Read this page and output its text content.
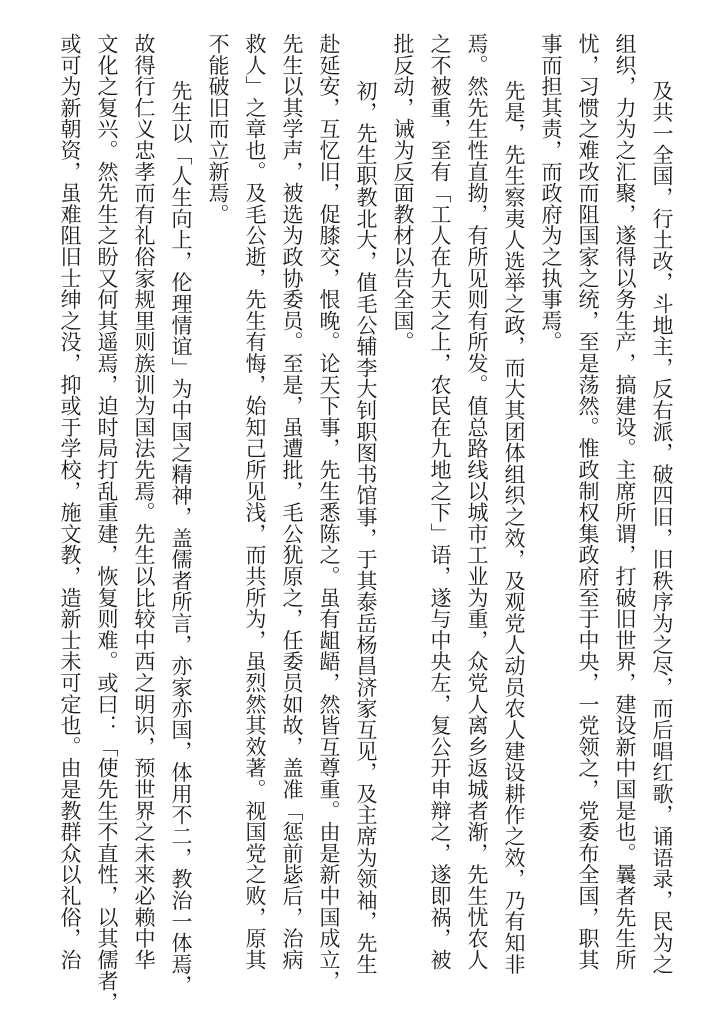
及共一全国，行土改，斗地主，反右派，破四旧，旧秩序为之尽，而后唱红歌，诵语录，民为之
组织，力为之汇聚，遂得以务生产，搞建设。主席所谓，打破旧世界，建设新中国是也。曩者先生所
忧，习惯之难改而阻国家之统，至是荡然。惟政制权集政府至于中央，一党领之，党委布全国，职其
事而担其责，而政府为之执事焉。
先是，先生察夷人选举之政，而大其团体组织之效，及观党人动员农人建设耕作之效，乃有知非
焉。然先生性直拗，有所见则有所发。值总路线以城市工业为重，众党人离乡返城者渐，先生忧农人
之不被重，至有「工人在九天之上，农民在九地之下」语，遂与中央左，复公开申辩之，遂即祸，被
批反动，诫为反面教材以告全国。
初，先生职教北大，值毛公辅李大钊职图书馆事，于其泰岳杨昌济家互见，及主席为领袖，先生
赴延安，互忆旧，促膝交，恨晚。论天下事，先生悉陈之。虽有龃龉，然皆互尊重。由是新中国成立，
先生以其学声，被选为政协委员。至是，虽遭批，毛公犹原之，任委员如故，盖准「惩前毖后，治病
救人」之章也。及毛公逝，先生有悔，始知己所见浅，而共所为，虽烈然其效著。视国党之败，原其
不能破旧而立新焉。
先生以「人生向上，伦理情谊」为中国之精神，盖儒者所言，亦家亦国，体用不二，教治一体焉，
故得行仁义忠孝而有礼俗家规里则族训为国法先焉。先生以比较中西之明识，预世界之未来必赖中华
文化之复兴。然先生之盼又何其遥焉，迫时局打乱重建，恢复则难。或曰：「使先生不直性，以其儒者，
或可为新朝资，虽难阻旧士绅之没，抑或于学校，施文教，造新士未可定也。由是教群众以礼俗，治
